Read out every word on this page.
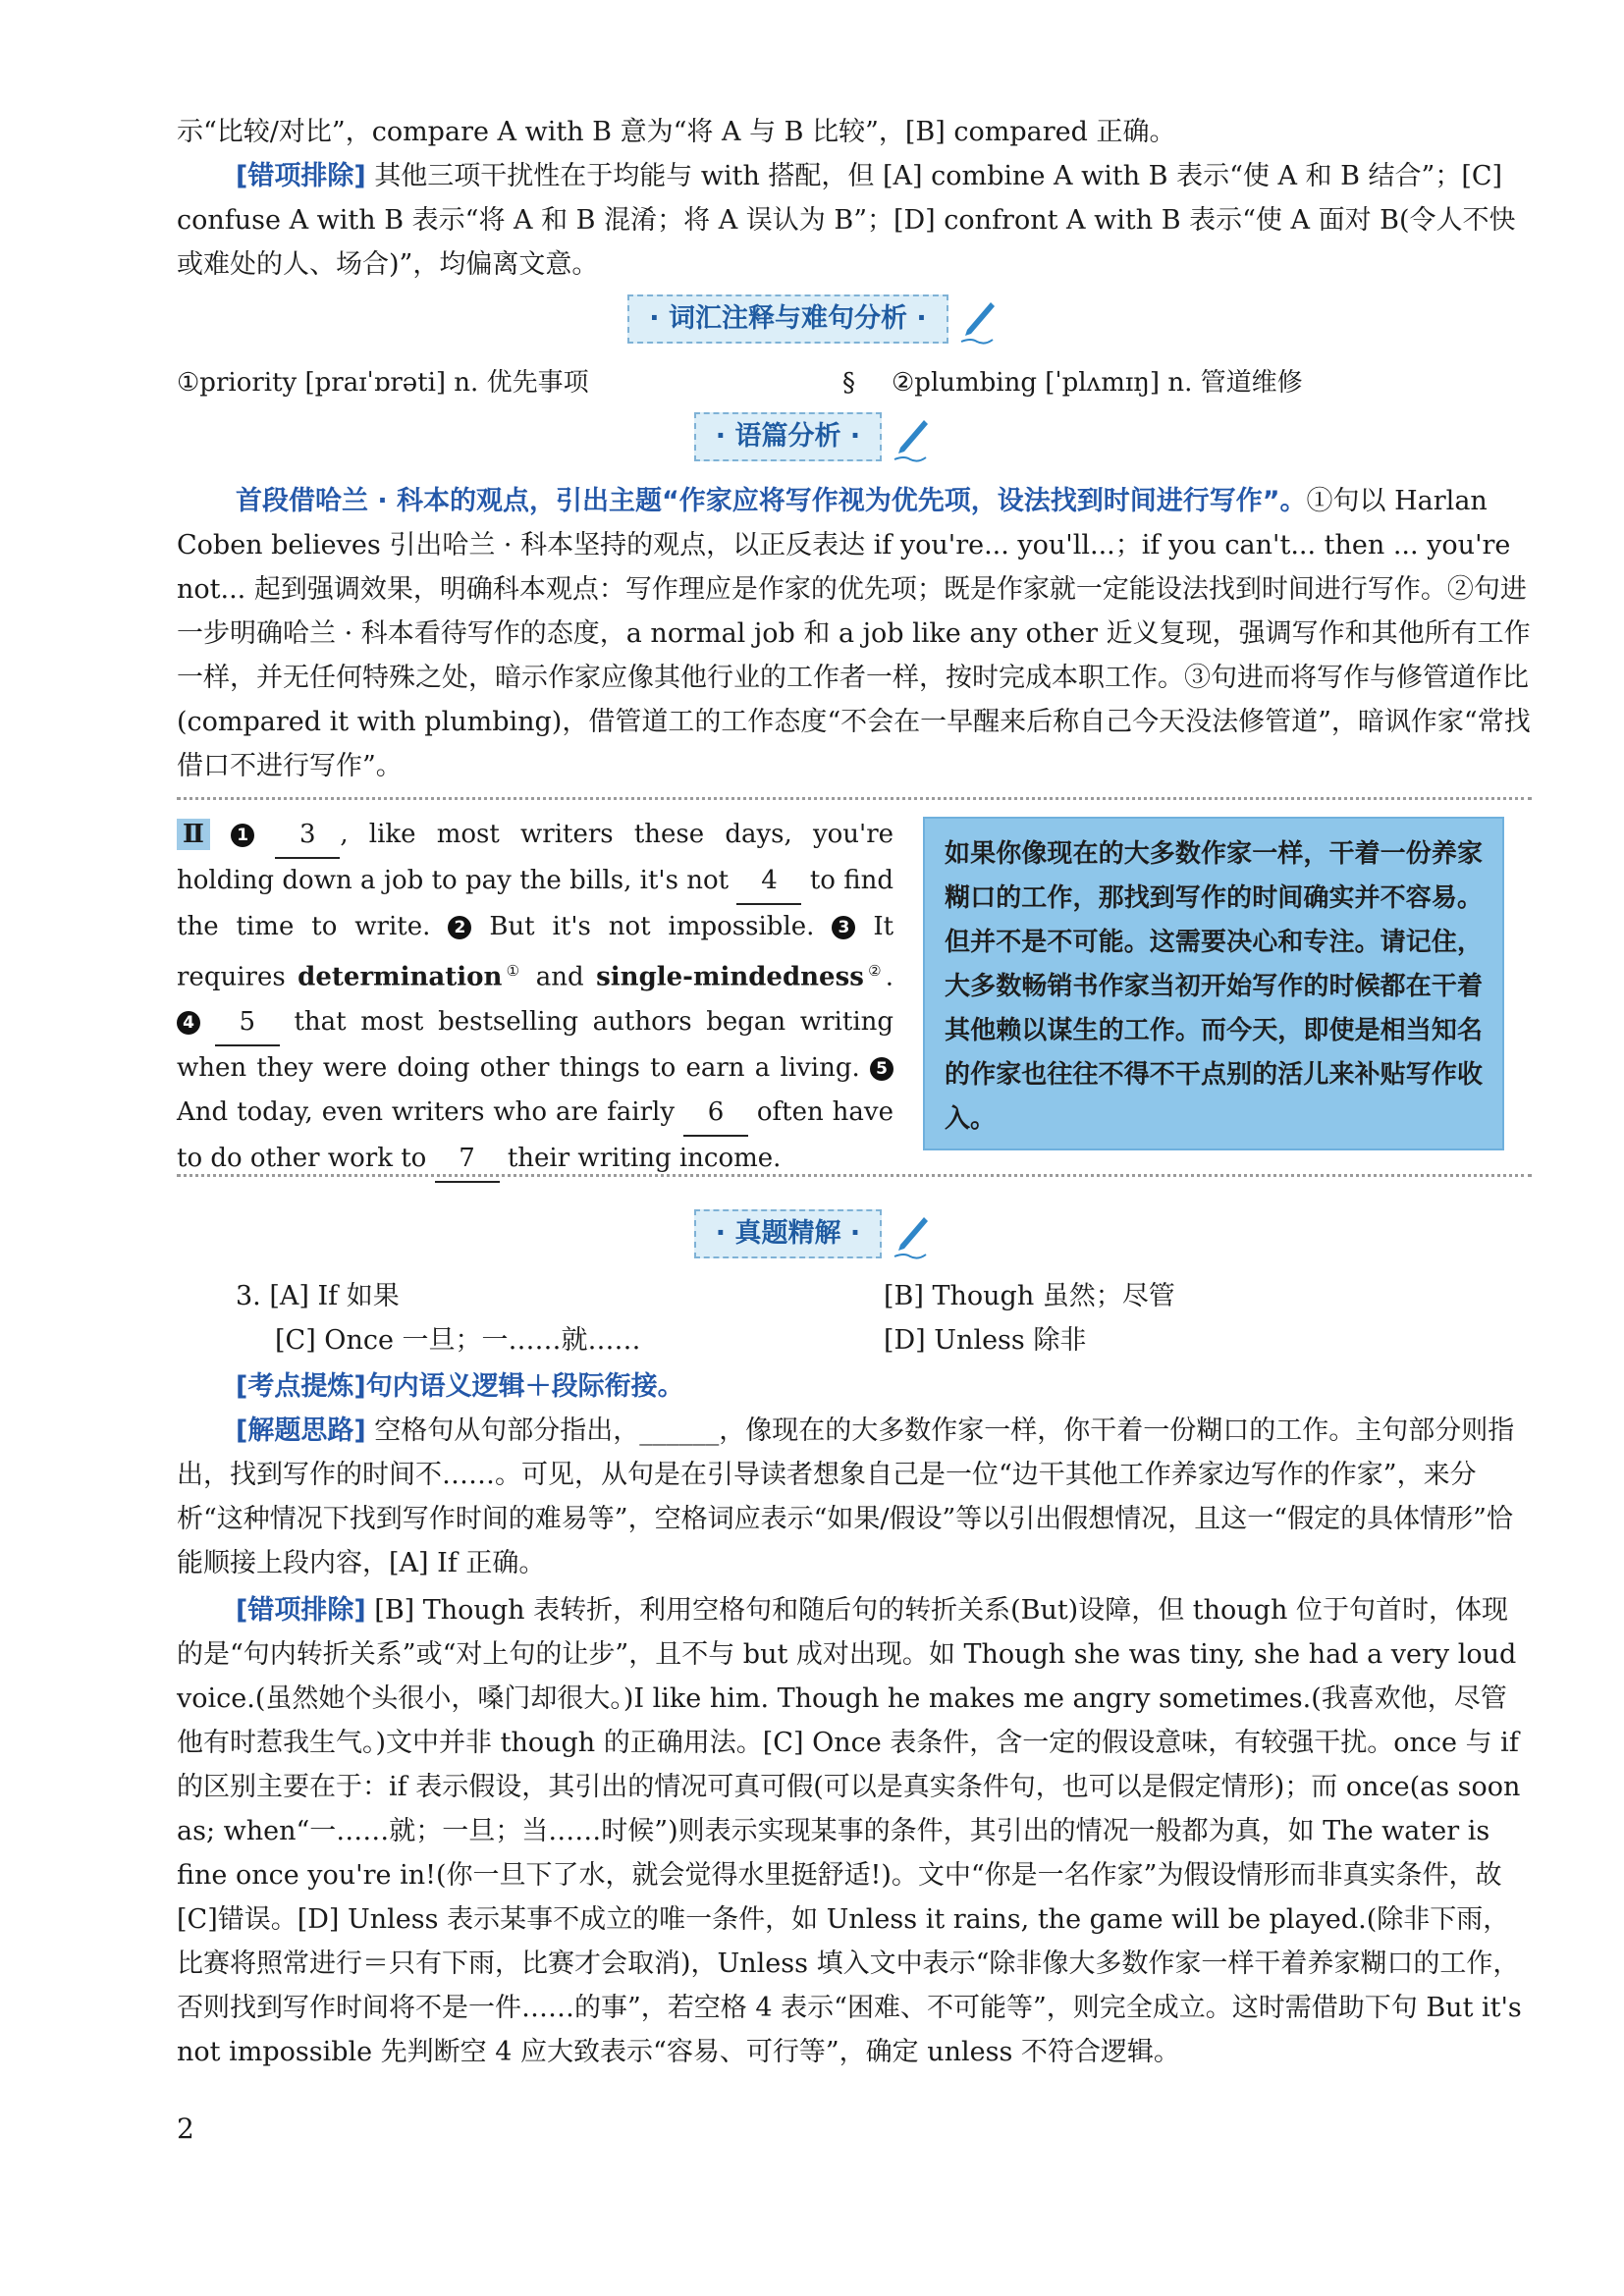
示“比较/对比”，compare A with B 意为“将 A 与 B 比较”，[B] compared 正确。
[错项排除] 其他三项干扰性在于均能与 with 搭配，但 [A] combine A with B 表示“使 A 和 B 结合”；[C] confuse A with B 表示“将 A 和 B 混淆；将 A 误认为 B”；[D] confront A with B 表示“使 A 面对 B(令人不快或难处的人、场合)”，均偏离文意。
· 词汇注释与难句分析 ·
①priority [praɪˈɒrəti] n. 优先事项	§ ②plumbing [ˈplʌmɪŋ] n. 管道维修
· 语篇分析 ·
首段借哈兰 · 科本的观点，引出主题“作家应将写作视为优先项，设法找到时间进行写作”。①句以 Harlan Coben believes 引出哈兰 · 科本坚持的观点，以正反表达 if you're... you'll...；if you can't... then ... you're not... 起到强调效果，明确科本观点：写作理应是作家的优先项；既是作家就一定能设法找到时间进行写作。②句进一步明确哈兰 · 科本看待写作的态度，a normal job 和 a job like any other 近义复现，强调写作和其他所有工作一样，并无任何特殊之处，暗示作家应像其他行业的工作者一样，按时完成本职工作。③句进而将写作与修管道作比(compared it with plumbing)，借管道工的工作态度“不会在一早醒来后称自己今天没法修管道”，暗讽作家“常找借口不进行写作”。
Ⅱ 1 3 , like most writers these days, you're holding down a job to pay the bills, it's not 4 to find the time to write. 2 But it's not impossible. 3 It requires determination① and single-mindedness②. 4 5 that most bestselling authors began writing when they were doing other things to earn a living. 5 And today, even writers who are fairly 6 often have to do other work to 7 their writing income.
如果你像现在的大多数作家一样，干着一份养家糊口的工作，那找到写作的时间确实并不容易。但并不是不可能。这需要决心和专注。请记住，大多数畅销书作家当初开始写作的时候都在干着其他赖以谋生的工作。而今天，即使是相当知名的作家也往往不得不干点别的活儿来补贴写作收入。
· 真题精解 ·
3. [A] If 如果	[B] Though 虽然；尽管
[C] Once 一旦；一……就……	[D] Unless 除非
[考点提炼]句内语义逻辑＋段际衔接。
[解题思路] 空格句从句部分指出，______，像现在的大多数作家一样，你干着一份糊口的工作。主句部分则指出，找到写作的时间不……。可见，从句是在引导读者想象自己是一位“边干其他工作养家边写作的作家”，来分析“这种情况下找到写作时间的难易等”，空格词应表示“如果/假设”等以引出假想情况，且这一“假定的具体情形”恰能顺接上段内容，[A] If 正确。
[错项排除] [B] Though 表转折，利用空格句和随后句的转折关系(But)设障，但 though 位于句首时，体现的是“句内转折关系”或“对上句的让步”，且不与 but 成对出现。如 Though she was tiny, she had a very loud voice.(虽然她个头很小，嗓门却很大。)I like him. Though he makes me angry sometimes.(我喜欢他，尽管他有时惹我生气。)文中并非 though 的正确用法。[C] Once 表条件，含一定的假设意味，有较强干扰。once 与 if 的区别主要在于：if 表示假设，其引出的情况可真可假(可以是真实条件句，也可以是假定情形)；而 once(as soon as; when“一……就；一旦；当……时候”)则表示实现某事的条件，其引出的情况一般都为真，如 The water is fine once you're in!(你一旦下了水，就会觉得水里挺舒适!)。文中“你是一名作家”为假设情形而非真实条件，故[C]错误。[D] Unless 表示某事不成立的唯一条件，如 Unless it rains, the game will be played.(除非下雨，比赛将照常进行＝只有下雨，比赛才会取消)，Unless 填入文中表示“除非像大多数作家一样干着养家糊口的工作，否则找到写作时间将不是一件……的事”，若空格 4 表示“困难、不可能等”，则完全成立。这时需借助下句 But it's not impossible 先判断空 4 应大致表示“容易、可行等”，确定 unless 不符合逻辑。
2
